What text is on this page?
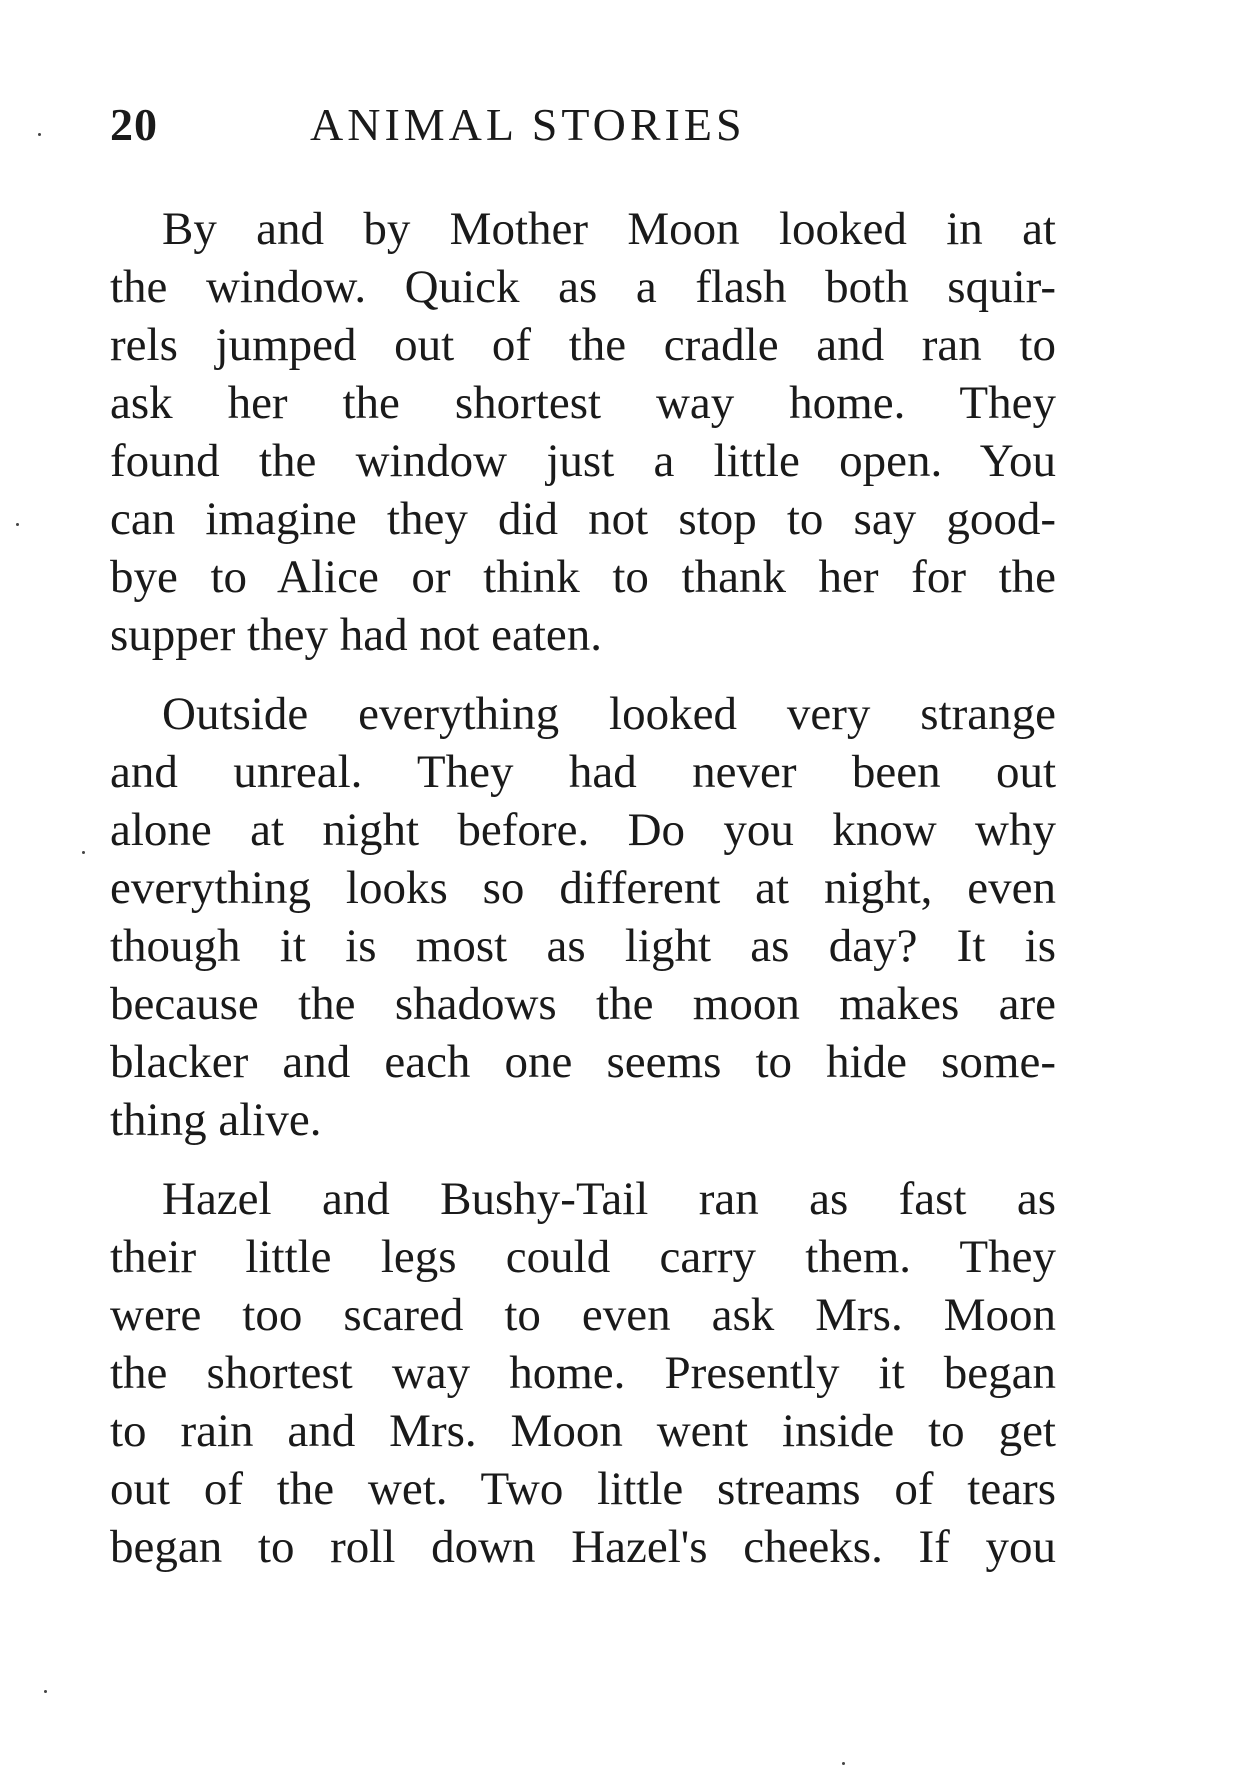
20	ANIMAL STORIES

By and by Mother Moon looked in at
the window. Quick as a flash both squir-
rels jumped out of the cradle and ran to
ask her the shortest way home. They
found the window just a little open. You
can imagine they did not stop to say good-
bye to Alice or think to thank her for the
supper they had not eaten.

Outside everything looked very strange
and unreal. They had never been out
alone at night before. Do you know why
everything looks so different at night, even
though it is most as light as day? It is
because the shadows the moon makes are
blacker and each one seems to hide some-
thing alive.

Hazel and Bushy-Tail ran as fast as
their little legs could carry them. They
were too scared to even ask Mrs. Moon
the shortest way home. Presently it began
to rain and Mrs. Moon went inside to get
out of the wet. Two little streams of tears
began to roll down Hazel's cheeks. If you
